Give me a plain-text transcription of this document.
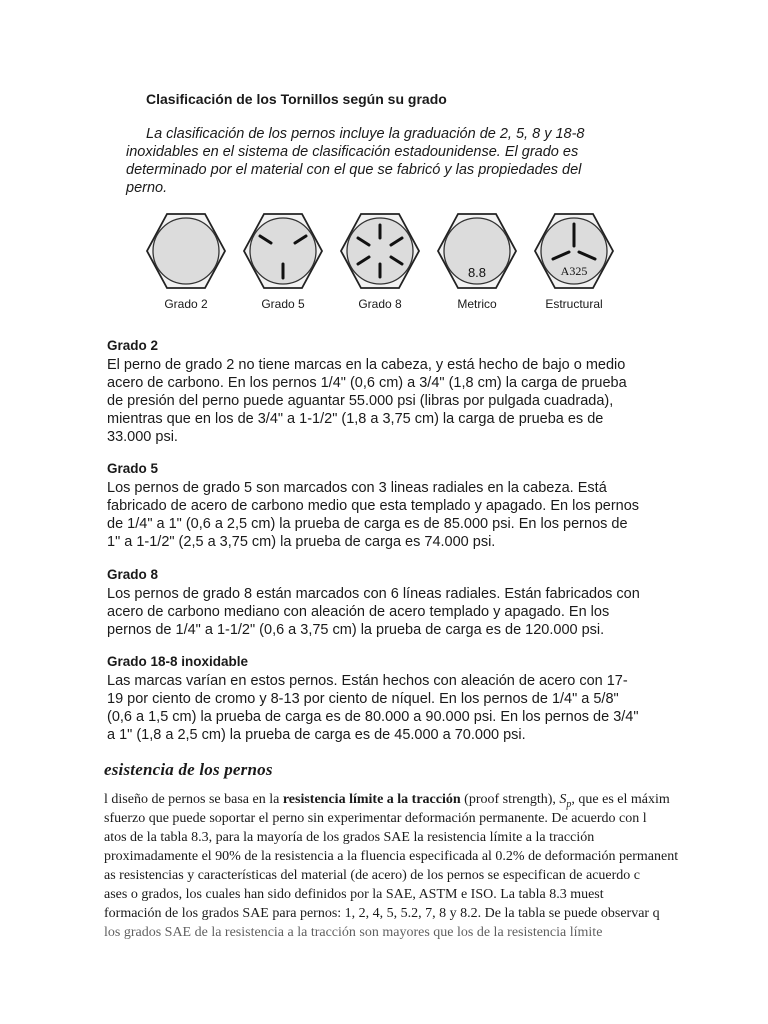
Clasificación de los Tornillos según su grado
La clasificación de los pernos incluye la graduación de 2, 5, 8 y 18-8
inoxidables en el sistema de clasificación estadounidense. El grado es
determinado por el material con el que se fabricó y las propiedades del
perno.
Grado 2	Grado 5	Grado 8
8.8
Metrico
A325
Estructural
Grado 2

El perno de grado 2 no tiene marcas en la cabeza, y está hecho de bajo o medio

acero de carbono. En los pernos 1/4" (0,6 cm) a 3/4" (1,8 cm) la carga de prueba

de presión del perno puede aguantar 55.000 psi (libras por pulgada cuadrada),

mientras que en los de 3/4" a 1-1/2" (1,8 a 3,75 cm) la carga de prueba es de

33.000 psi.

Grado 5

Los pernos de grado 5 son marcados con 3 lineas radiales en la cabeza. Está

fabricado de acero de carbono medio que esta templado y apagado. En los pernos

de 1/4" a 1" (0,6 a 2,5 cm) la prueba de carga es de 85.000 psi. En los pernos de

1" a 1-1/2" (2,5 a 3,75 cm) la prueba de carga es 74.000 psi.

Grado 8

Los pernos de grado 8 están marcados con 6 líneas radiales. Están fabricados con

acero de carbono mediano con aleación de acero templado y apagado. En los

pernos de 1/4" a 1-1/2" (0,6 a 3,75 cm) la prueba de carga es de 120.000 psi.

Grado 18-8 inoxidable

Las marcas varían en estos pernos. Están hechos con aleación de acero con 17-

19 por ciento de cromo y 8-13 por ciento de níquel. En los pernos de 1/4" a 5/8"

(0,6 a 1,5 cm) la prueba de carga es de 80.000 a 90.000 psi. En los pernos de 3/4"

a 1" (1,8 a 2,5 cm) la prueba de carga es de 45.000 a 70.000 psi.

esistencia de los pernos
l diseño de pernos se basa en la resistencia límite a la tracción (proof strength), $S_p$, que es el máxim
sfuerzo que puede soportar el perno sin experimentar deformación permanente. De acuerdo con l
atos de la tabla 8.3, para la mayoría de los grados SAE la resistencia límite a la tracción
proximadamente el 90% de la resistencia a la fluencia especificada al 0.2% de deformación permanent
as resistencias y características del material (de acero) de los pernos se especifican de acuerdo c
ases o grados, los cuales han sido definidos por la SAE, ASTM e ISO. La tabla 8.3 muest
formación de los grados SAE para pernos: 1, 2, 4, 5, 5.2, 7, 8 y 8.2. De la tabla se puede observar q
los grados SAE de la resistencia a la tracción son mayores que los de la resistencia límite
